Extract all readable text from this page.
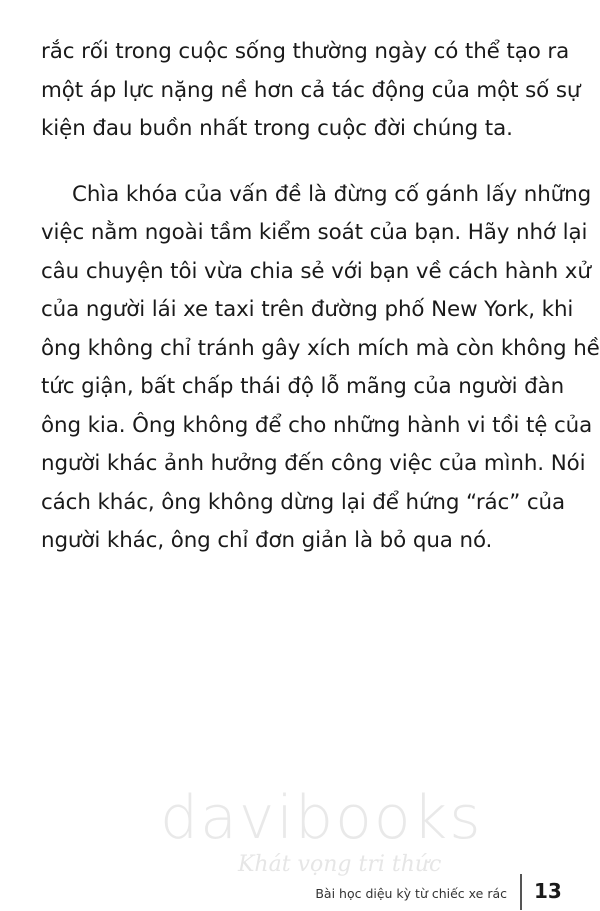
rắc rối trong cuộc sống thường ngày có thể tạo ra

một áp lực nặng nề hơn cả tác động của một số sự

kiện đau buồn nhất trong cuộc đời chúng ta.

Chìa khóa của vấn đề là đừng cố gánh lấy những

việc nằm ngoài tầm kiểm soát của bạn. Hãy nhớ lại

câu chuyện tôi vừa chia sẻ với bạn về cách hành xử

của người lái xe taxi trên đường phố New York, khi

ông không chỉ tránh gây xích mích mà còn không hề

tức giận, bất chấp thái độ lỗ mãng của người đàn

ông kia. Ông không để cho những hành vi tồi tệ của

người khác ảnh hưởng đến công việc của mình. Nói

cách khác, ông không dừng lại để hứng “rác” của

người khác, ông chỉ đơn giản là bỏ qua nó.

davibooks
Khát vọng tri thức
Bài học diệu kỳ từ chiếc xe rác 13
